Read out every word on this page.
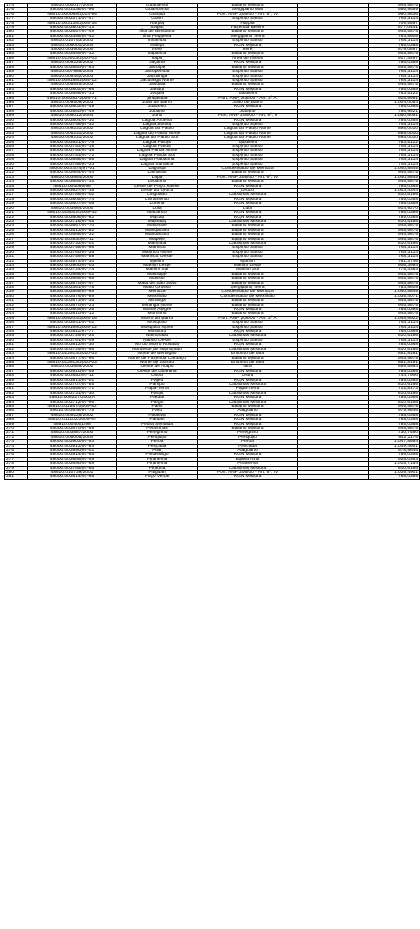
174	48610.000017/2004	Guanambi	Baiano Mistura		945,5875
175	48000.003336/97-96	Guaricema	Sergipano Mar		956,9599
176	48610.000069/2014-95	Guriatã	Port. ANP 206/00 - Art. 6º, IV		960,8636
177	48000.003371/97-47	Guriri	Espírito Santo		764,3114
178	48610.003138/2005-35	Harpia	Harpia		709,5597
179	48000.003801/97-13	Icapuí	Fazenda Belém		677,0441
180	48000.003657/97-49	Ilha de Bimbarra	Baiano Mistura		945,5875
181	48000.003355/97-42	Ilha Pequena	Sergipano Terra		783,8608
182	48610.010753/2003	Inhambu	Espírito Santo		764,3114
183	48610.008001/2004	Iraúna	RGN Mistura		785,0368
184	48000.003900/2000	Irerê	Irerê		879,0697
185	48000.003659/97-12	Itaparica	Baiano Mistura		945,5875
186	48610.012913/2010-03	Itapu	Área de Ilhéus		917,4497
187	48610.009225/2002	Jaçanã	RGN Mistura		785,0368
188	48000.003660/97-93	Jacuípe	Baiano Mistura		945,5875
189	48610.007966/2004	Jacupemba	Espírito Santo		764,3114
190	48610.009492/2003	Jacutinga	Espírito Santo		764,3114
191	48610.009188/2005-12	Jacutinga Norte	Espírito Santo		764,3114
192	48610.006645/2003	Jandaia	Baiano Mistura		945,5875
193	48000.003802/97-86	Janduí	RGN Mistura		785,0368
194	48000.003666/97-13	Jequiá	Tabuleiro		783,5122
195	48610.009282-2005-71	Jiribatuba	Port. ANP 206/00 - Art. 3º A		925,8991
196	48610.009509/2003	João de Barro	João de Barro		1.004,0054
197	48000.003803/97-49	Juazeiro	RGN Mistura		785,0368
198	48000.003560/97-49	Jubarte	Jubarte		786,9521
199	48610.008012/2004	Juriti	Port. ANP 206/00 - Art. 6º, II		1.050,6091
200	48000.003804/97-10	Lagoa Aroeira	RGN Mistura		785,0368
201	48000.003748/97-32	Lagoa Bonita	Espírito Santo		764,3114
202	48610.009231/2002	Lagoa do Paulo	Lagoa do Paulo Norte		895,0010
203	48610.009231/2002	Lagoa do Paulo Norte	Lagoa do Paulo Norte		895,0010
204	48610.009231/2002	Lagoa do Paulo Sul	Lagoa do Paulo Norte		895,0010
205	48000.003921/97-76	Lagoa Pacas	Tabuleiro		783,5122
206	48000.003752/97-18	Lagoa Parda	Espírito Santo		764,3114
207	48000.003754/97-35	Lagoa Parda Norte	Espírito Santo		764,3114
208	48000.003753/97-72	Lagoa Parda Sul	Espírito Santo		764,3114
209	48000.003668/97-56	Lagoa Piabanha	Espírito Santo		764,3114
210	48000.003755/97-23	Lagoa Suruaca	Espírito Santo		764,3114
211	48000.003.574/97-01	Lagosta	Condensado de Merluza		1.040,8845
212	48000.003664/97-44	Lamarão	Baiano Mistura		945,5875
213	48610.003884/2000	Lapa	Port. ANP 206/00 - Art. 6º, IV		1.040,8845
214	48000.003665/97-15	Leodório	Baiano Mistura		945,5875
215	48610.004099/98	Leste de Poço Xavier	RGN Mistura		785,0368
216	48000.003627/97-18	Leste do Urucu	Urucu		1.003,4344
217	48000.003786/97-02	Linguado	Cabiúnas Mistura		810,6166
218	48000.003805/97-74	Livramento	RGN Mistura		785,0368
219	48000.003807/97-08	Lorena	RGN Mistura		785,0368
220	48610.003884/2000	Lula	Lula		914,9270
221	48610.015022/2009-42	Macarico	RGN Mistura		785,0368
222	48000.003806/97-62	Macau	RGN Mistura		785,0368
223	48000.003716/97-46	Malhado	Cabiúnas Mistura		810,6166
224	48000.003667/97-70	Malombê	Baiano Mistura		945,5875
225	48000.003513/97-82	Mandacaru	Baiano Mistura		945,5875
226	48000.003666/97-32	Mandacaru	Baiano Mistura		945,5875
227	48000.003630/97-11	Mapele	Baiano Mistura		945,5875
228	48000.003732/97-01	Marimbá	Cabiúnas Mistura		810,6166
229	48000.003758/97-96	Mariricu	Espírito Santo		764,3114
230	48000.003760/97-38	Mariricu Norte	Espírito Santo		764,3114
231	48000.003759/97-59	Mariricu Oeste	Espírito Santo		764,3114
232	48000.003572/97-10	Marlim	Marlim		781,3746
233	48000.003900/97-03	Marlim Leste	Marlim Leste		806,3994
234	48000.003724/97-74	Marlim Sul	Marlim Sul		775,3383
235	48000.003668/97-02	Massapê	Baiano Mistura		945,5875
236	48000.003669/97-68	Massuí	Baiano Mistura		945,5875
237	48000.003670/97-47	Mata de São João	Baiano Mistura		945,5875
238	48000.003361/97-78	Mato Grosso	Sergipano Terra		783,8608
239	48000.003866/97-69	Merluza	Condensado de Merluza		1.040,8845
240	48000.003576/97-89	Mexilhão	Condensado de Mexilhão		1.035,4071
241	48000.003673/97-35	Miranga	Baiano Mistura		945,5875
242	48000.003670/97-23	Miranga Norte	Baiano Mistura		945,5875
243	48000.003809/97-25	Monte Alegre	RGN Mistura		785,0368
244	48000.003810/97-12	Morrinho	Baiano Mistura		945,5875
245	48610.009203/2005-16	Morro do Barro	Port. ANP 206/00 - Art. 3º A		1.048,8922
246	48000.003541/97-02	Mosquito	Espírito Santo		764,3114
247	48610.009189/2005-12	Mosquito Norte	Espírito Santo		764,3114
248	48000.003811/97-77	Mossoró	RGN Mistura		785,0368
249	48000.003729/97-25	Namorado	Cabiúnas Mistura		810,6166
250	48000.003761/97-09	Nativo Oeste	Espírito Santo		764,3114
251	48000.003812/97-30	No do Morro Rosado	RGN Mistura		785,0368
252	48000.003729/97-98	Nordeste de Namorado	Cabiúnas Mistura		810,6166
253	48610.012913/2010-03	Norte de Berbigão	Entorno de Iara		851,8191
254	48000.003677/97-96	Norte de Fazenda Caruaçu	Baiano Mistura		945,5875
255	48610.012913/2010-03	Norte de Sururu	Entorno de Iara		851,8191
256	48610.003886/2000	Oeste de Atapu	Iara		859,5984
257	48000.003910/97-59	Oeste de Ubarana	RGN Mistura		785,0368
258	48000.003552/97-11	Ostra	Ostra		744,7900
259	48000.003813/97-01	Pajeú	RGN Mistura		785,0368
260	48000.003707/97-55	Pampo	Cabiúnas Mistura		810,6166
261	48000.003556/97-71	Papa-Terra	Papa-Terra		712,8173
262	48000.003731/97-30	Parati	Cabiúnas Mistura		810,6166
263	48610.008227/2002A	Pardal	RGN Mistura		785,0368
264	48000.003712/97-95	Pargo	Cabiúnas Mistura		810,6166
265	48610.011557/2009-52	Paris	Baiano Mistura		945,5875
266	48610.003848/97-75	Paru	Alagoano		978,9646
267	48610.009226/2002	Patativa	RGN Mistura		785,0368
268	48610.011102/2009-97	Patuari	RGN Mistura		785,0368
269	48610.004001/98	Pedra Sentada	RGN Mistura		785,0368
270	48000.003670/97-59	Pedrinhas	Baiano Mistura		945,5875
271	48610.003887/2000	Peregrino	Peregrino		730,7480
272	48610.008005/2004	Periquito	Periquito		942,1176
273	48000.003903/97-93	Peroá	Peroá		1.047,8664
274	48000.003912/97-84	Pescada	Pescada		1.039,4901
275	48000.003590/97-01	Pilar	Alagoano		978,9646
276	48000.003814/97-65	Pintassilgo	RGN Mistura		785,0368
277	48000.003669/97-49	Piranema	Baleia Azul		925,0363
278	48000.003690/97-89	Piranema	Piranema		1.015,7154
279	48000.003765/97-65	Piraúna	Cabiúnas Mistura		810,6166
280	48610.010739/2001	Pitiguari	Port. ANP 206/00 - Art. 6º, IV		1.039,4901
281	48000.003814/97-65	Poço Verde	RGN Mistura		785,0368
